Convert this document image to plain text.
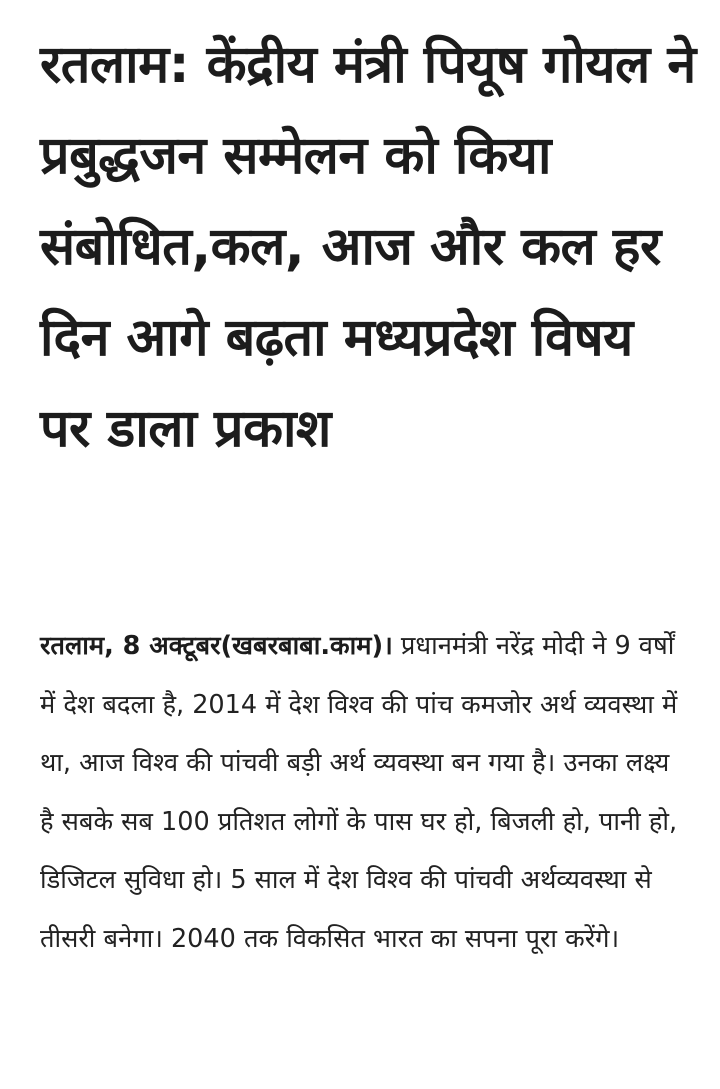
रतलाम: केंद्रीय मंत्री पियूष गोयल ने प्रबुद्धजन सम्मेलन को किया संबोधित,कल, आज और कल हर दिन आगे बढ़ता मध्यप्रदेश विषय पर डाला प्रकाश

रतलाम, 8 अक्टूबर(खबरबाबा.काम)। प्रधानमंत्री नरेंद्र मोदी ने 9 वर्षों में देश बदला है, 2014 में देश विश्व की पांच कमजोर अर्थ व्यवस्था में था, आज विश्व की पांचवी बड़ी अर्थ व्यवस्था बन गया है। उनका लक्ष्य है सबके सब 100 प्रतिशत लोगों के पास घर हो, बिजली हो, पानी हो, डिजिटल सुविधा हो। 5 साल में देश विश्व की पांचवी अर्थव्यवस्था से तीसरी बनेगा। 2040 तक विकसित भारत का सपना पूरा करेंगे।
